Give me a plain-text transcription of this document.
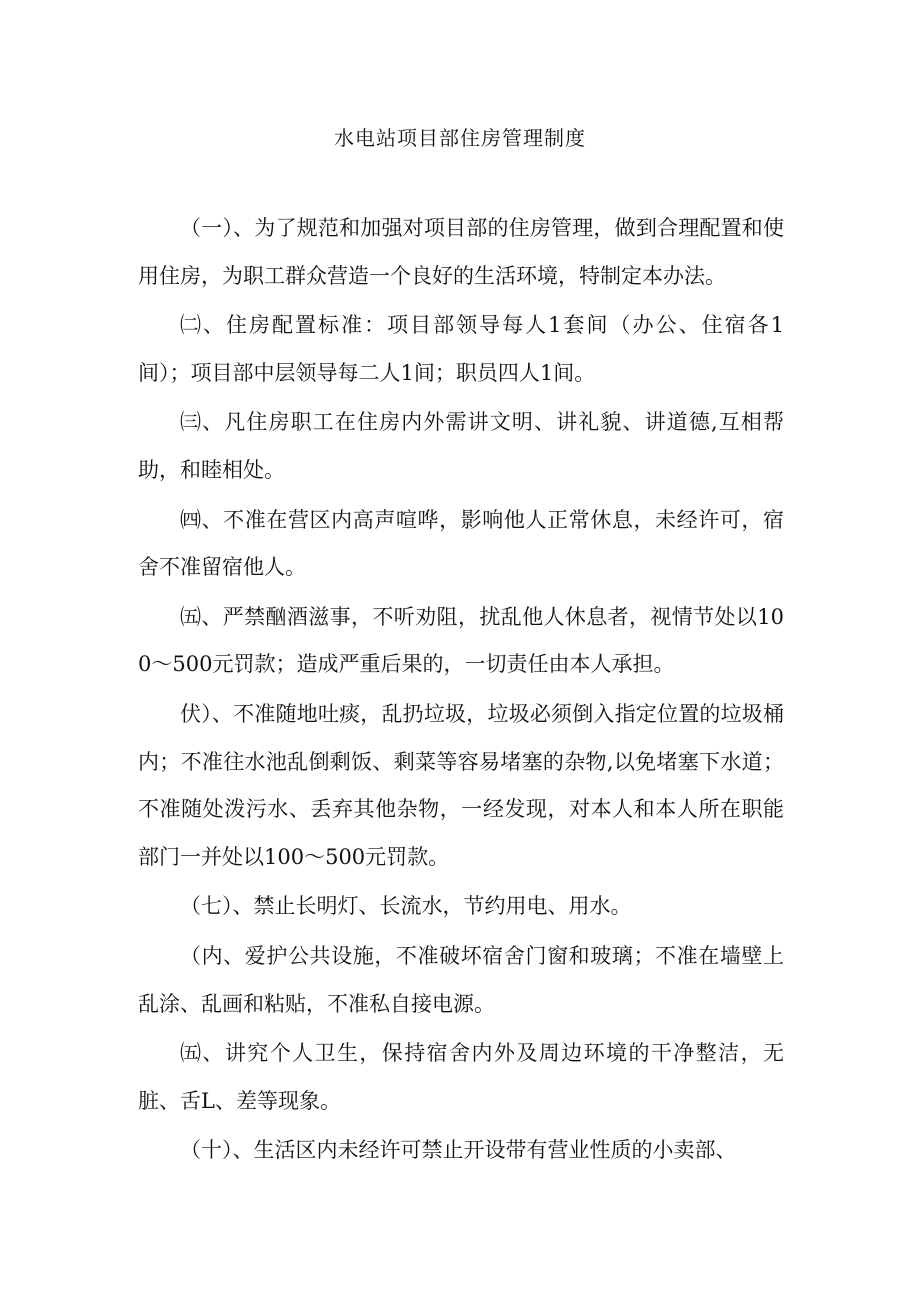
水电站项目部住房管理制度

（一）、为了规范和加强对项目部的住房管理，做到合理配置和使用住房，为职工群众营造一个良好的生活环境，特制定本办法。

㈡、住房配置标准：项目部领导每人1套间（办公、住宿各1间）；项目部中层领导每二人1间；职员四人1间。

㈢、凡住房职工在住房内外需讲文明、讲礼貌、讲道德,互相帮助，和睦相处。

㈣、不准在营区内高声喧哗，影响他人正常休息，未经许可，宿舍不准留宿他人。

㈤、严禁酗酒滋事，不听劝阻，扰乱他人休息者，视情节处以100～500元罚款；造成严重后果的，一切责任由本人承担。

伏）、不准随地吐痰，乱扔垃圾，垃圾必须倒入指定位置的垃圾桶内；不准往水池乱倒剩饭、剩菜等容易堵塞的杂物,以免堵塞下水道；不准随处泼污水、丢弃其他杂物，一经发现，对本人和本人所在职能部门一并处以100～500元罚款。

（七）、禁止长明灯、长流水，节约用电、用水。

（内、爱护公共设施，不准破坏宿舍门窗和玻璃；不准在墙壁上乱涂、乱画和粘贴，不准私自接电源。

㈤、讲究个人卫生，保持宿舍内外及周边环境的干净整洁，无脏、舌L、差等现象。

（十）、生活区内未经许可禁止开设带有营业性质的小卖部、
